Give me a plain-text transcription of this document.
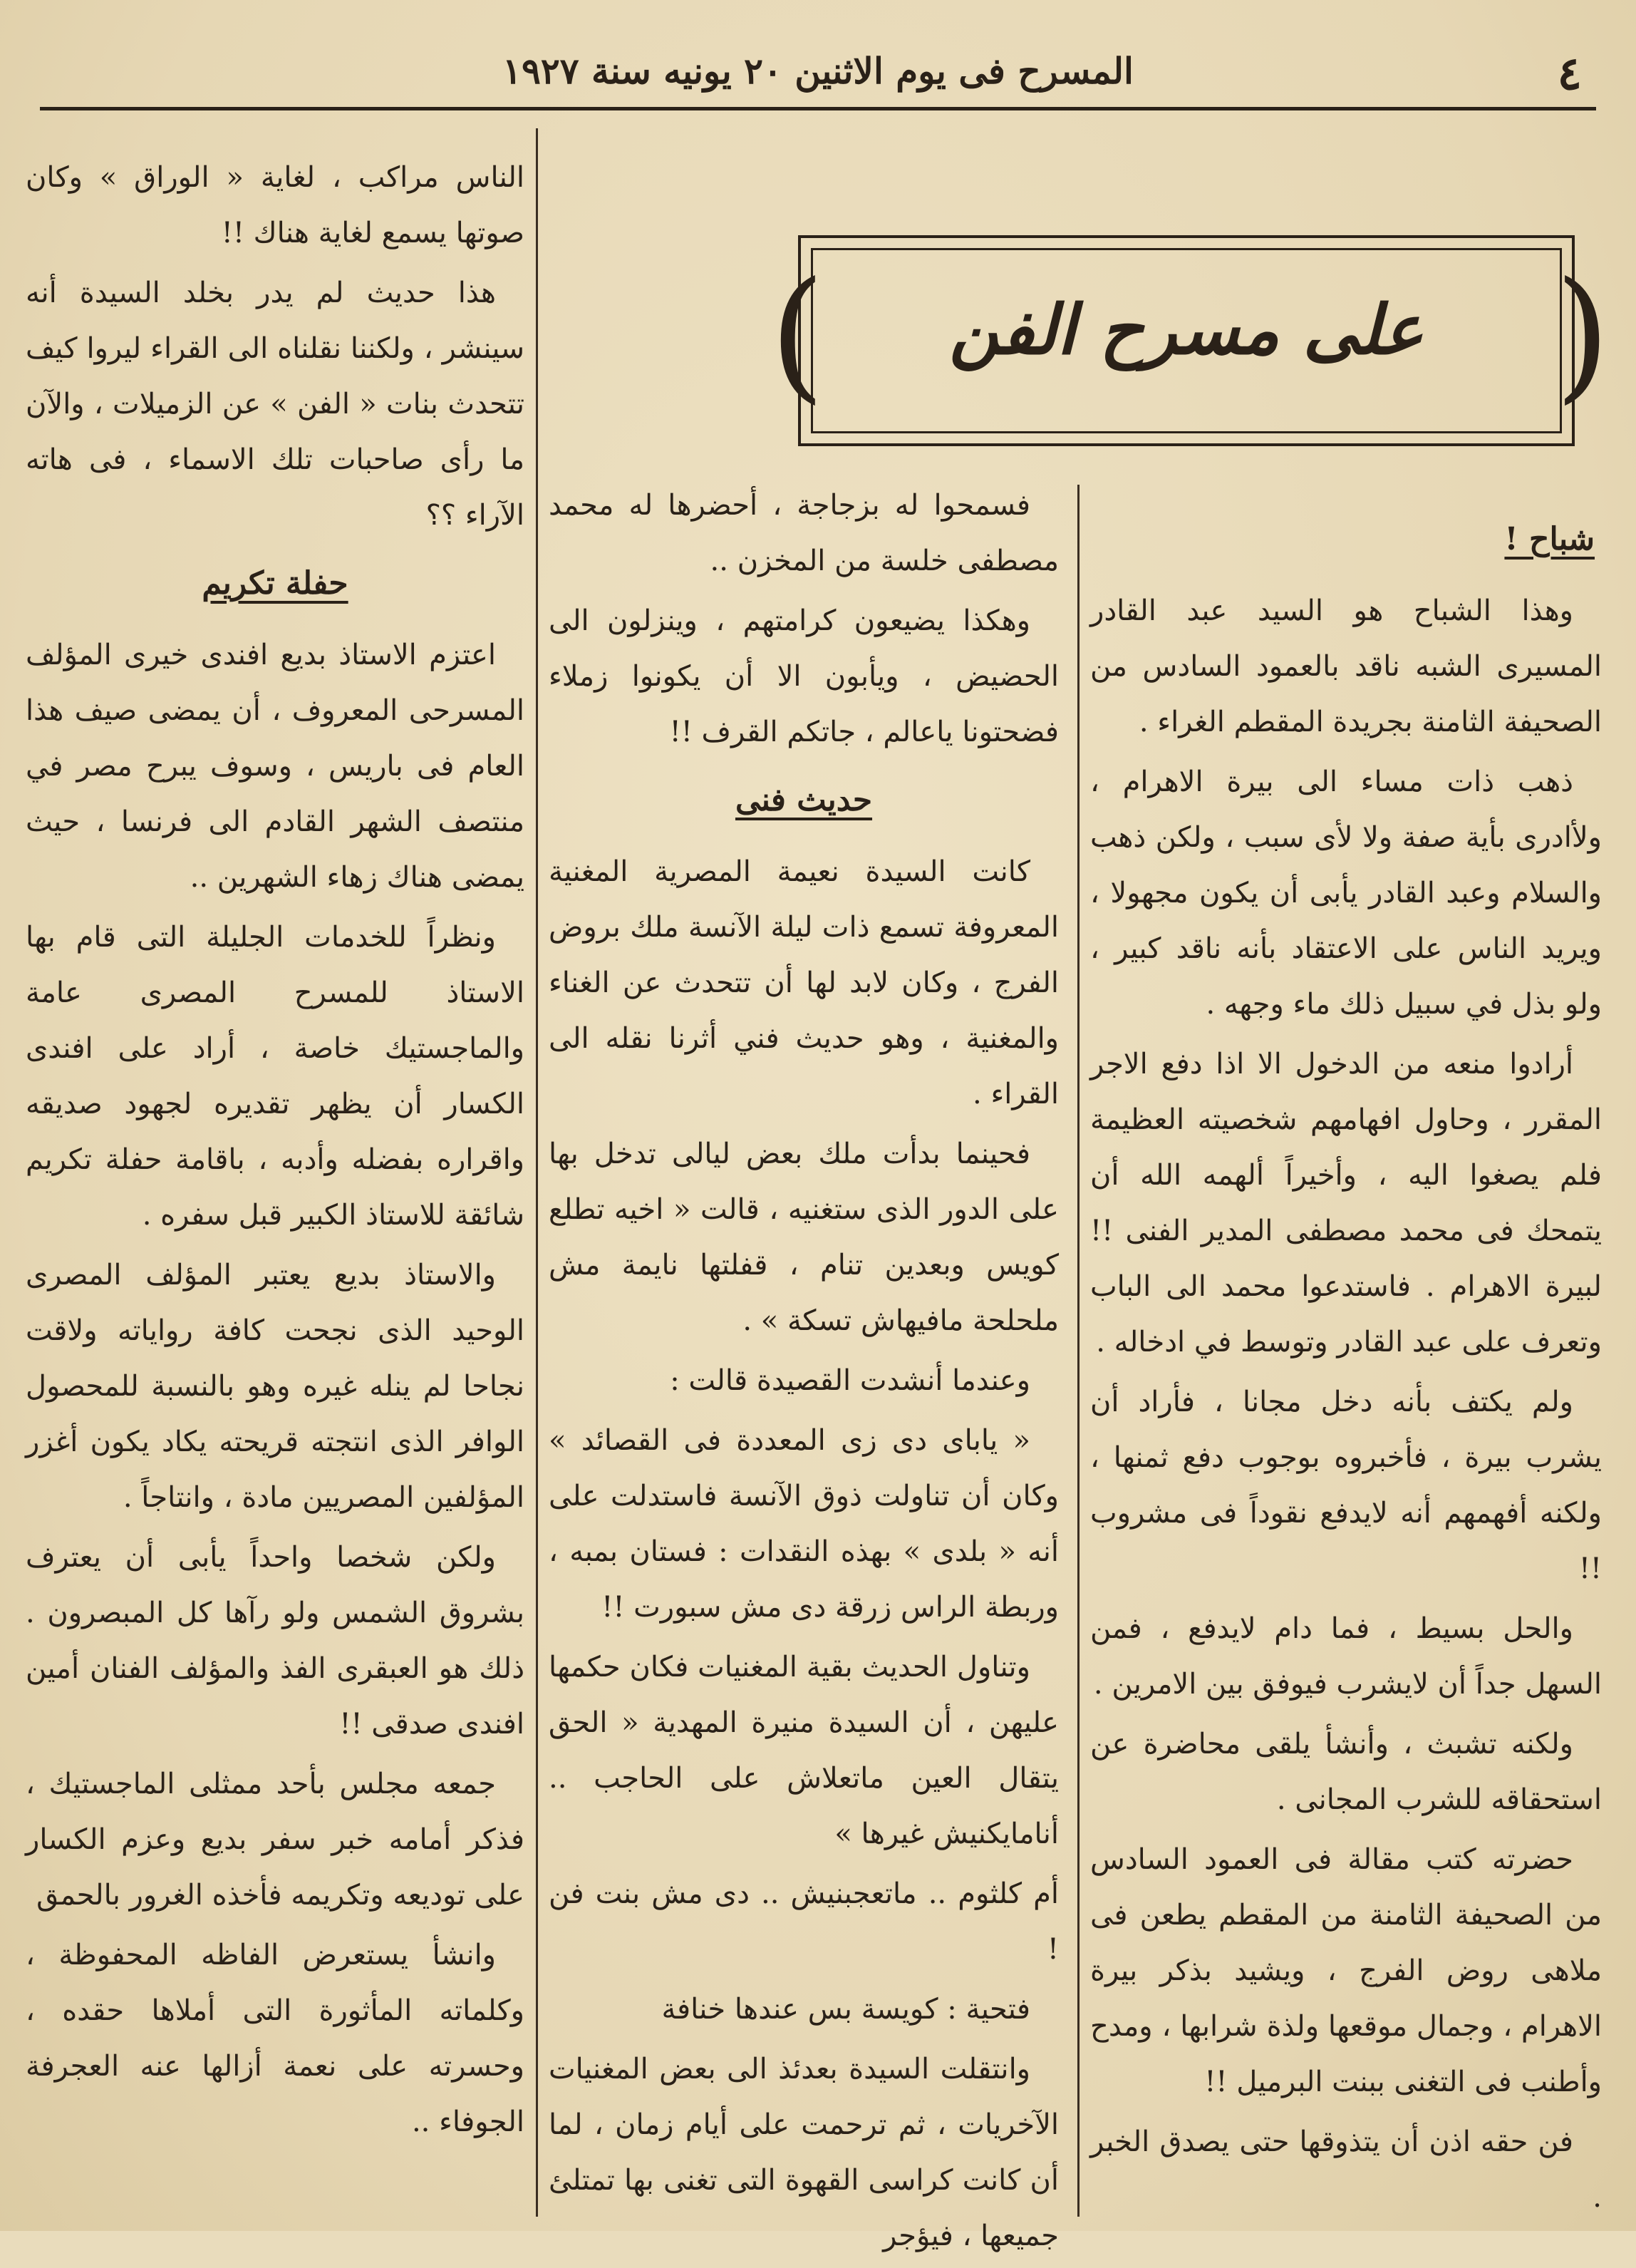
٤
المسرح فى يوم الاثنين ٢٠ يونيه سنة ١٩٢٧
(	على مسرح الفن )
شباح !

وهذا الشباح هو السيد عبد القادر المسيرى الشبه ناقد بالعمود السادس من الصحيفة الثامنة بجريدة المقطم الغراء .

ذهب ذات مساء الى بيرة الاهرام ، ولأادرى بأية صفة ولا لأى سبب ، ولكن ذهب والسلام وعبد القادر يأبى أن يكون مجهولا ، ويريد الناس على الاعتقاد بأنه ناقد كبير ، ولو بذل في سبيل ذلك ماء وجهه .

أرادوا منعه من الدخول الا اذا دفع الاجر المقرر ، وحاول افهامهم شخصيته العظيمة فلم يصغوا اليه ، وأخيراً ألهمه الله أن يتمحك فى محمد مصطفى المدير الفنى !! لبيرة الاهرام . فاستدعوا محمد الى الباب وتعرف على عبد القادر وتوسط في ادخاله .

ولم يكتف بأنه دخل مجانا ، فأراد أن يشرب بيرة ، فأخبروه بوجوب دفع ثمنها ، ولكنه أفهمهم أنه لايدفع نقوداً فى مشروب !!

والحل بسيط ، فما دام لايدفع ، فمن السهل جداً أن لايشرب فيوفق بين الامرين .

ولكنه تشبث ، وأنشأ يلقى محاضرة عن استحقاقه للشرب المجانى .

حضرته كتب مقالة فى العمود السادس من الصحيفة الثامنة من المقطم يطعن فى ملاهى روض الفرج ، ويشيد بذكر بيرة الاهرام ، وجمال موقعها ولذة شرابها ، ومدح وأطنب فى التغنى ببنت البرميل !!

فن حقه اذن أن يتذوقها حتى يصدق الخبر .

فسمحوا له بزجاجة ، أحضرها له محمد مصطفى خلسة من المخزن ..

وهكذا يضيعون كرامتهم ، وينزلون الى الحضيض ، ويأبون الا أن يكونوا زملاء فضحتونا ياعالم ، جاتكم القرف !!

حديث فنى

كانت السيدة نعيمة المصرية المغنية المعروفة تسمع ذات ليلة الآنسة ملك بروض الفرج ، وكان لابد لها أن تتحدث عن الغناء والمغنية ، وهو حديث فني أثرنا نقله الى القراء .

فحينما بدأت ملك بعض ليالى تدخل بها على الدور الذى ستغنيه ، قالت « اخيه تطلع كويس وبعدين تنام ، قفلتها نايمة مش ملحلحة مافيهاش تسكة » .

وعندما أنشدت القصيدة قالت :

« ياباى دى زى المعددة فى القصائد » وكان أن تناولت ذوق الآنسة فاستدلت على أنه « بلدى » بهذه النقدات : فستان بمبه ، وربطة الراس زرقة دى مش سبورت !!

وتناول الحديث بقية المغنيات فكان حكمها عليهن ، أن السيدة منيرة المهدية « الحق يتقال العين ماتعلاش على الحاجب .. أنامايكنيش غيرها »

أم كلثوم .. ماتعجبنيش .. دى مش بنت فن !

فتحية : كويسة بس عندها خنافة

وانتقلت السيدة بعدئذ الى بعض المغنيات الآخريات ، ثم ترحمت على أيام زمان ، لما أن كانت كراسى القهوة التى تغنى بها تمتلئ جميعها ، فيؤجر

الناس مراكب ، لغاية « الوراق » وكان صوتها يسمع لغاية هناك !!

هذا حديث لم يدر بخلد السيدة أنه سينشر ، ولكننا نقلناه الى القراء ليروا كيف تتحدث بنات « الفن » عن الزميلات ، والآن ما رأى صاحبات تلك الاسماء ، فى هاته الآراء ؟؟

حفلة تكريم

اعتزم الاستاذ بديع افندى خيرى المؤلف المسرحى المعروف ، أن يمضى صيف هذا العام فى باريس ، وسوف يبرح مصر في منتصف الشهر القادم الى فرنسا ، حيث يمضى هناك زهاء الشهرين ..

ونظراً للخدمات الجليلة التى قام بها الاستاذ للمسرح المصرى عامة والماجستيك خاصة ، أراد على افندى الكسار أن يظهر تقديره لجهود صديقه واقراره بفضله وأدبه ، باقامة حفلة تكريم شائقة للاستاذ الكبير قبل سفره .

والاستاذ بديع يعتبر المؤلف المصرى الوحيد الذى نجحت كافة رواياته ولاقت نجاحا لم ينله غيره وهو بالنسبة للمحصول الوافر الذى انتجته قريحته يكاد يكون أغزر المؤلفين المصريين مادة ، وانتاجاً .

ولكن شخصا واحداً يأبى أن يعترف بشروق الشمس ولو رآها كل المبصرون . ذلك هو العبقرى الفذ والمؤلف الفنان أمين افندى صدقى !!

جمعه مجلس بأحد ممثلى الماجستيك ، فذكر أمامه خبر سفر بديع وعزم الكسار على توديعه وتكريمه فأخذه الغرور بالحمق

وانشأ يستعرض الفاظه المحفوظة ، وكلماته المأثورة التى أملاها حقده ، وحسرته على نعمة أزالها عنه العجرفة الجوفاء ..
